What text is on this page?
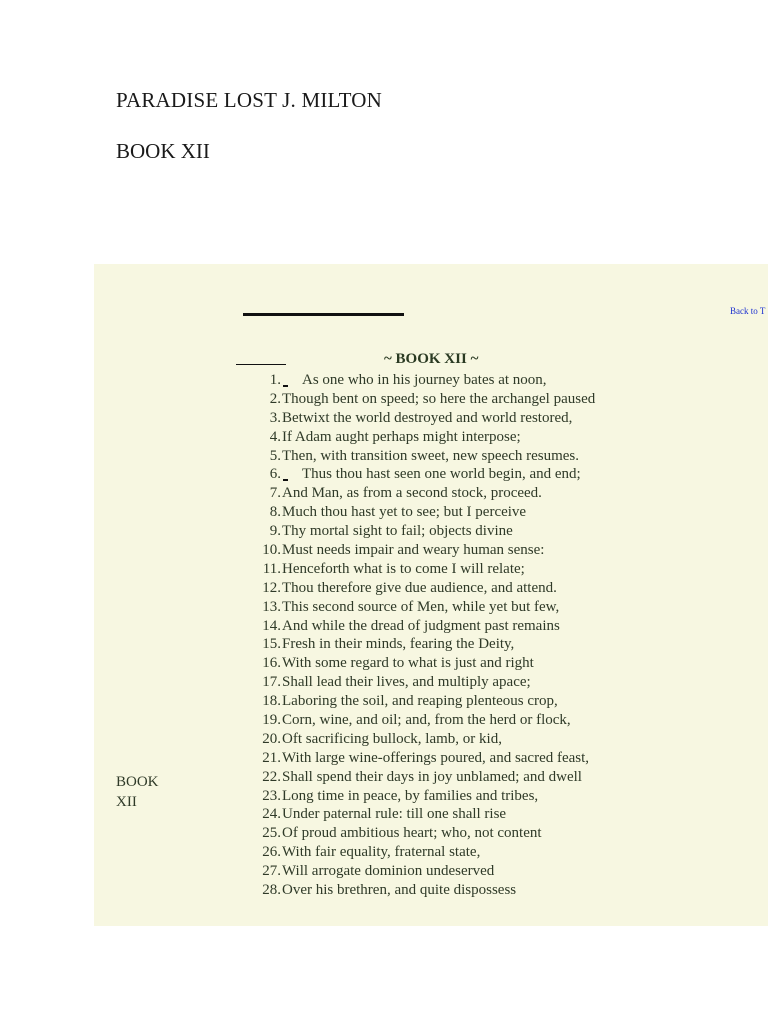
PARADISE LOST J. MILTON
BOOK XII
Back to T
~ BOOK XII ~
BOOK
XII
1. As one who in his journey bates at noon,
2.Though bent on speed; so here the archangel paused
3.Betwixt the world destroyed and world restored,
4.If Adam aught perhaps might interpose;
5.Then, with transition sweet, new speech resumes.
6. Thus thou hast seen one world begin, and end;
7.And Man, as from a second stock, proceed.
8.Much thou hast yet to see; but I perceive
9.Thy mortal sight to fail; objects divine
10.Must needs impair and weary human sense:
11.Henceforth what is to come I will relate;
12.Thou therefore give due audience, and attend.
13.This second source of Men, while yet but few,
14.And while the dread of judgment past remains
15.Fresh in their minds, fearing the Deity,
16.With some regard to what is just and right
17.Shall lead their lives, and multiply apace;
18.Laboring the soil, and reaping plenteous crop,
19.Corn, wine, and oil; and, from the herd or flock,
20.Oft sacrificing bullock, lamb, or kid,
21.With large wine-offerings poured, and sacred feast,
22.Shall spend their days in joy unblamed; and dwell
23.Long time in peace, by families and tribes,
24.Under paternal rule: till one shall rise
25.Of proud ambitious heart; who, not content
26.With fair equality, fraternal state,
27.Will arrogate dominion undeserved
28.Over his brethren, and quite dispossess
